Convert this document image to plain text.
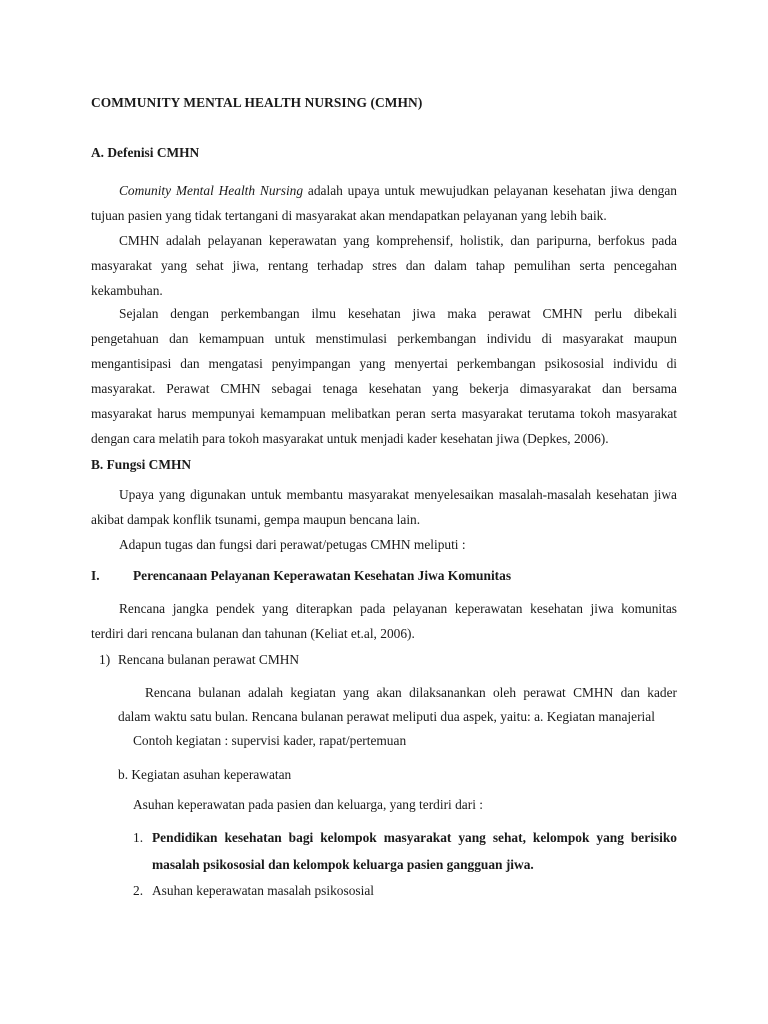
COMMUNITY MENTAL HEALTH NURSING (CMHN)
A. Defenisi CMHN
Comunity Mental Health Nursing adalah upaya untuk mewujudkan pelayanan kesehatan jiwa dengan
tujuan pasien yang tidak tertangani di masyarakat akan mendapatkan pelayanan yang lebih baik.
CMHN adalah pelayanan keperawatan yang komprehensif, holistik, dan paripurna, berfokus pada
masyarakat yang sehat jiwa, rentang terhadap stres dan dalam tahap pemulihan serta pencegahan
kekambuhan.
Sejalan dengan perkembangan ilmu kesehatan jiwa maka perawat CMHN perlu dibekali
pengetahuan dan kemampuan untuk menstimulasi perkembangan individu di masyarakat maupun
mengantisipasi dan mengatasi penyimpangan yang menyertai perkembangan psikososial individu di
masyarakat. Perawat CMHN sebagai tenaga kesehatan yang bekerja dimasyarakat dan bersama
masyarakat harus mempunyai kemampuan melibatkan peran serta masyarakat terutama tokoh masyarakat
dengan cara melatih para tokoh masyarakat untuk menjadi kader kesehatan jiwa (Depkes, 2006).
B. Fungsi CMHN
Upaya yang digunakan untuk membantu masyarakat menyelesaikan masalah-masalah kesehatan jiwa
akibat dampak konflik tsunami, gempa maupun bencana lain.
Adapun tugas dan fungsi dari perawat/petugas CMHN meliputi :
I. Perencanaan Pelayanan Keperawatan Kesehatan Jiwa Komunitas
Rencana jangka pendek yang diterapkan pada pelayanan keperawatan kesehatan jiwa komunitas
terdiri dari rencana bulanan dan tahunan (Keliat et.al, 2006).
1) Rencana bulanan perawat CMHN
Rencana bulanan adalah kegiatan yang akan dilaksanankan oleh perawat CMHN dan kader
dalam waktu satu bulan. Rencana bulanan perawat meliputi dua aspek, yaitu: a. Kegiatan manajerial
Contoh kegiatan : supervisi kader, rapat/pertemuan
b. Kegiatan asuhan keperawatan
Asuhan keperawatan pada pasien dan keluarga, yang terdiri dari :
1. Pendidikan kesehatan bagi kelompok masyarakat yang sehat, kelompok yang berisiko
masalah psikososial dan kelompok keluarga pasien gangguan jiwa.
2. Asuhan keperawatan masalah psikososial
